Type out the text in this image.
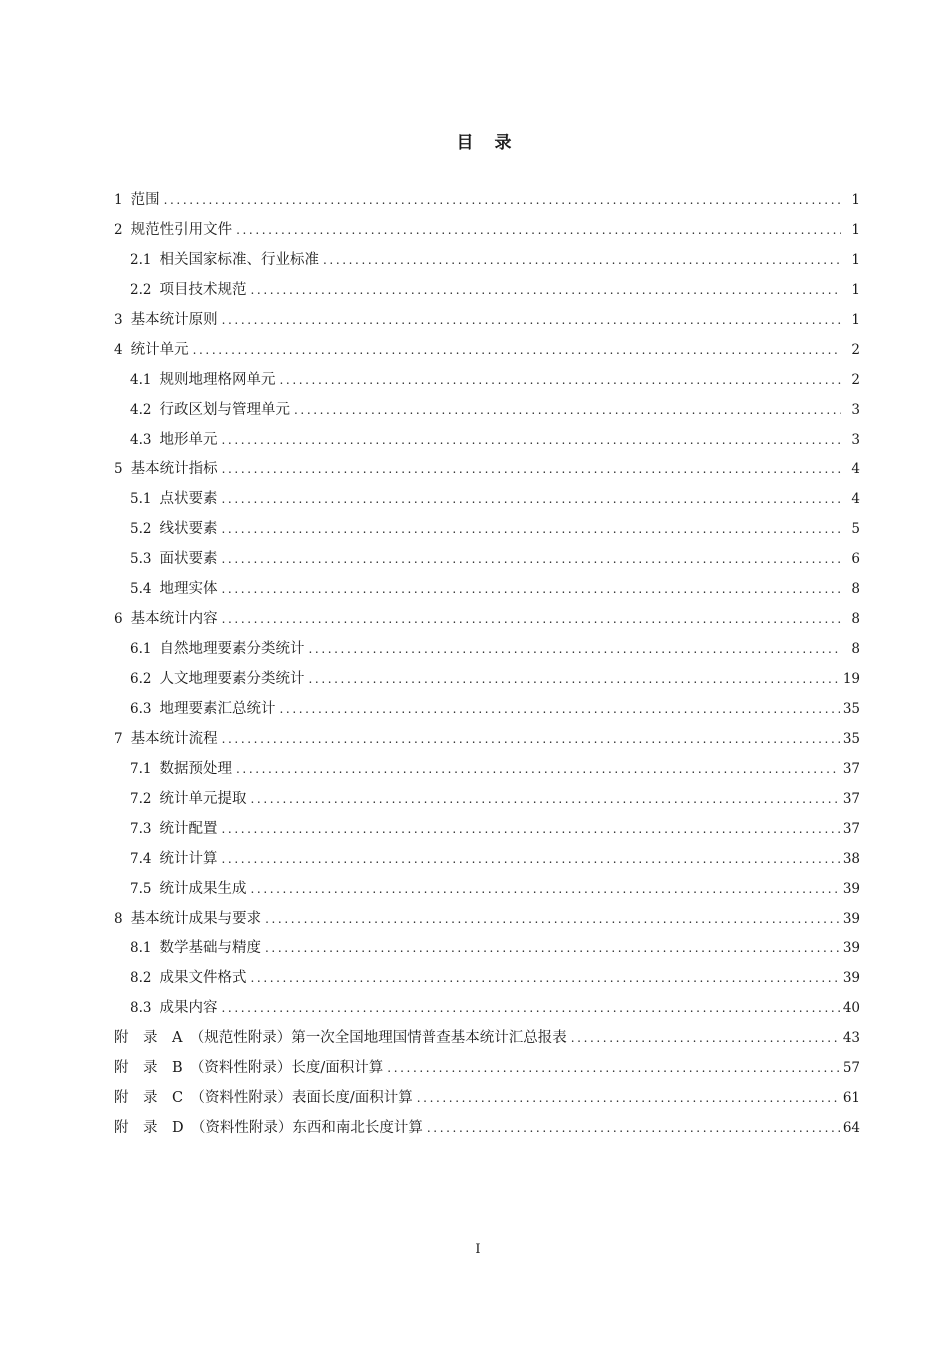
目　录
1 范围 .....	1
2 规范性引用文件 .....	1
2.1 相关国家标准、行业标准 .....	1
2.2 项目技术规范 .....	1
3 基本统计原则 .....	1
4 统计单元 .....	2
4.1 规则地理格网单元 .....	2
4.2 行政区划与管理单元 .....	3
4.3 地形单元 .....	3
5 基本统计指标 .....	4
5.1 点状要素 .....	4
5.2 线状要素 .....	5
5.3 面状要素 .....	6
5.4 地理实体 .....	8
6 基本统计内容 .....	8
6.1 自然地理要素分类统计 .....	8
6.2 人文地理要素分类统计 .....	19
6.3 地理要素汇总统计 .....	35
7 基本统计流程 .....	35
7.1 数据预处理 .....	37
7.2 统计单元提取 .....	37
7.3 统计配置 .....	37
7.4 统计计算 .....	38
7.5 统计成果生成 .....	39
8 基本统计成果与要求 .....	39
8.1 数学基础与精度 .....	39
8.2 成果文件格式 .....	39
8.3 成果内容 .....	40
附　录　A　（规范性附录） 第一次全国地理国情普查基本统计汇总报表 .....	43
附　录　B　（资料性附录） 长度/面积计算 .....	57
附　录　C　（资料性附录） 表面长度/面积计算 .....	61
附　录　D　（资料性附录） 东西和南北长度计算 .....	64
I
